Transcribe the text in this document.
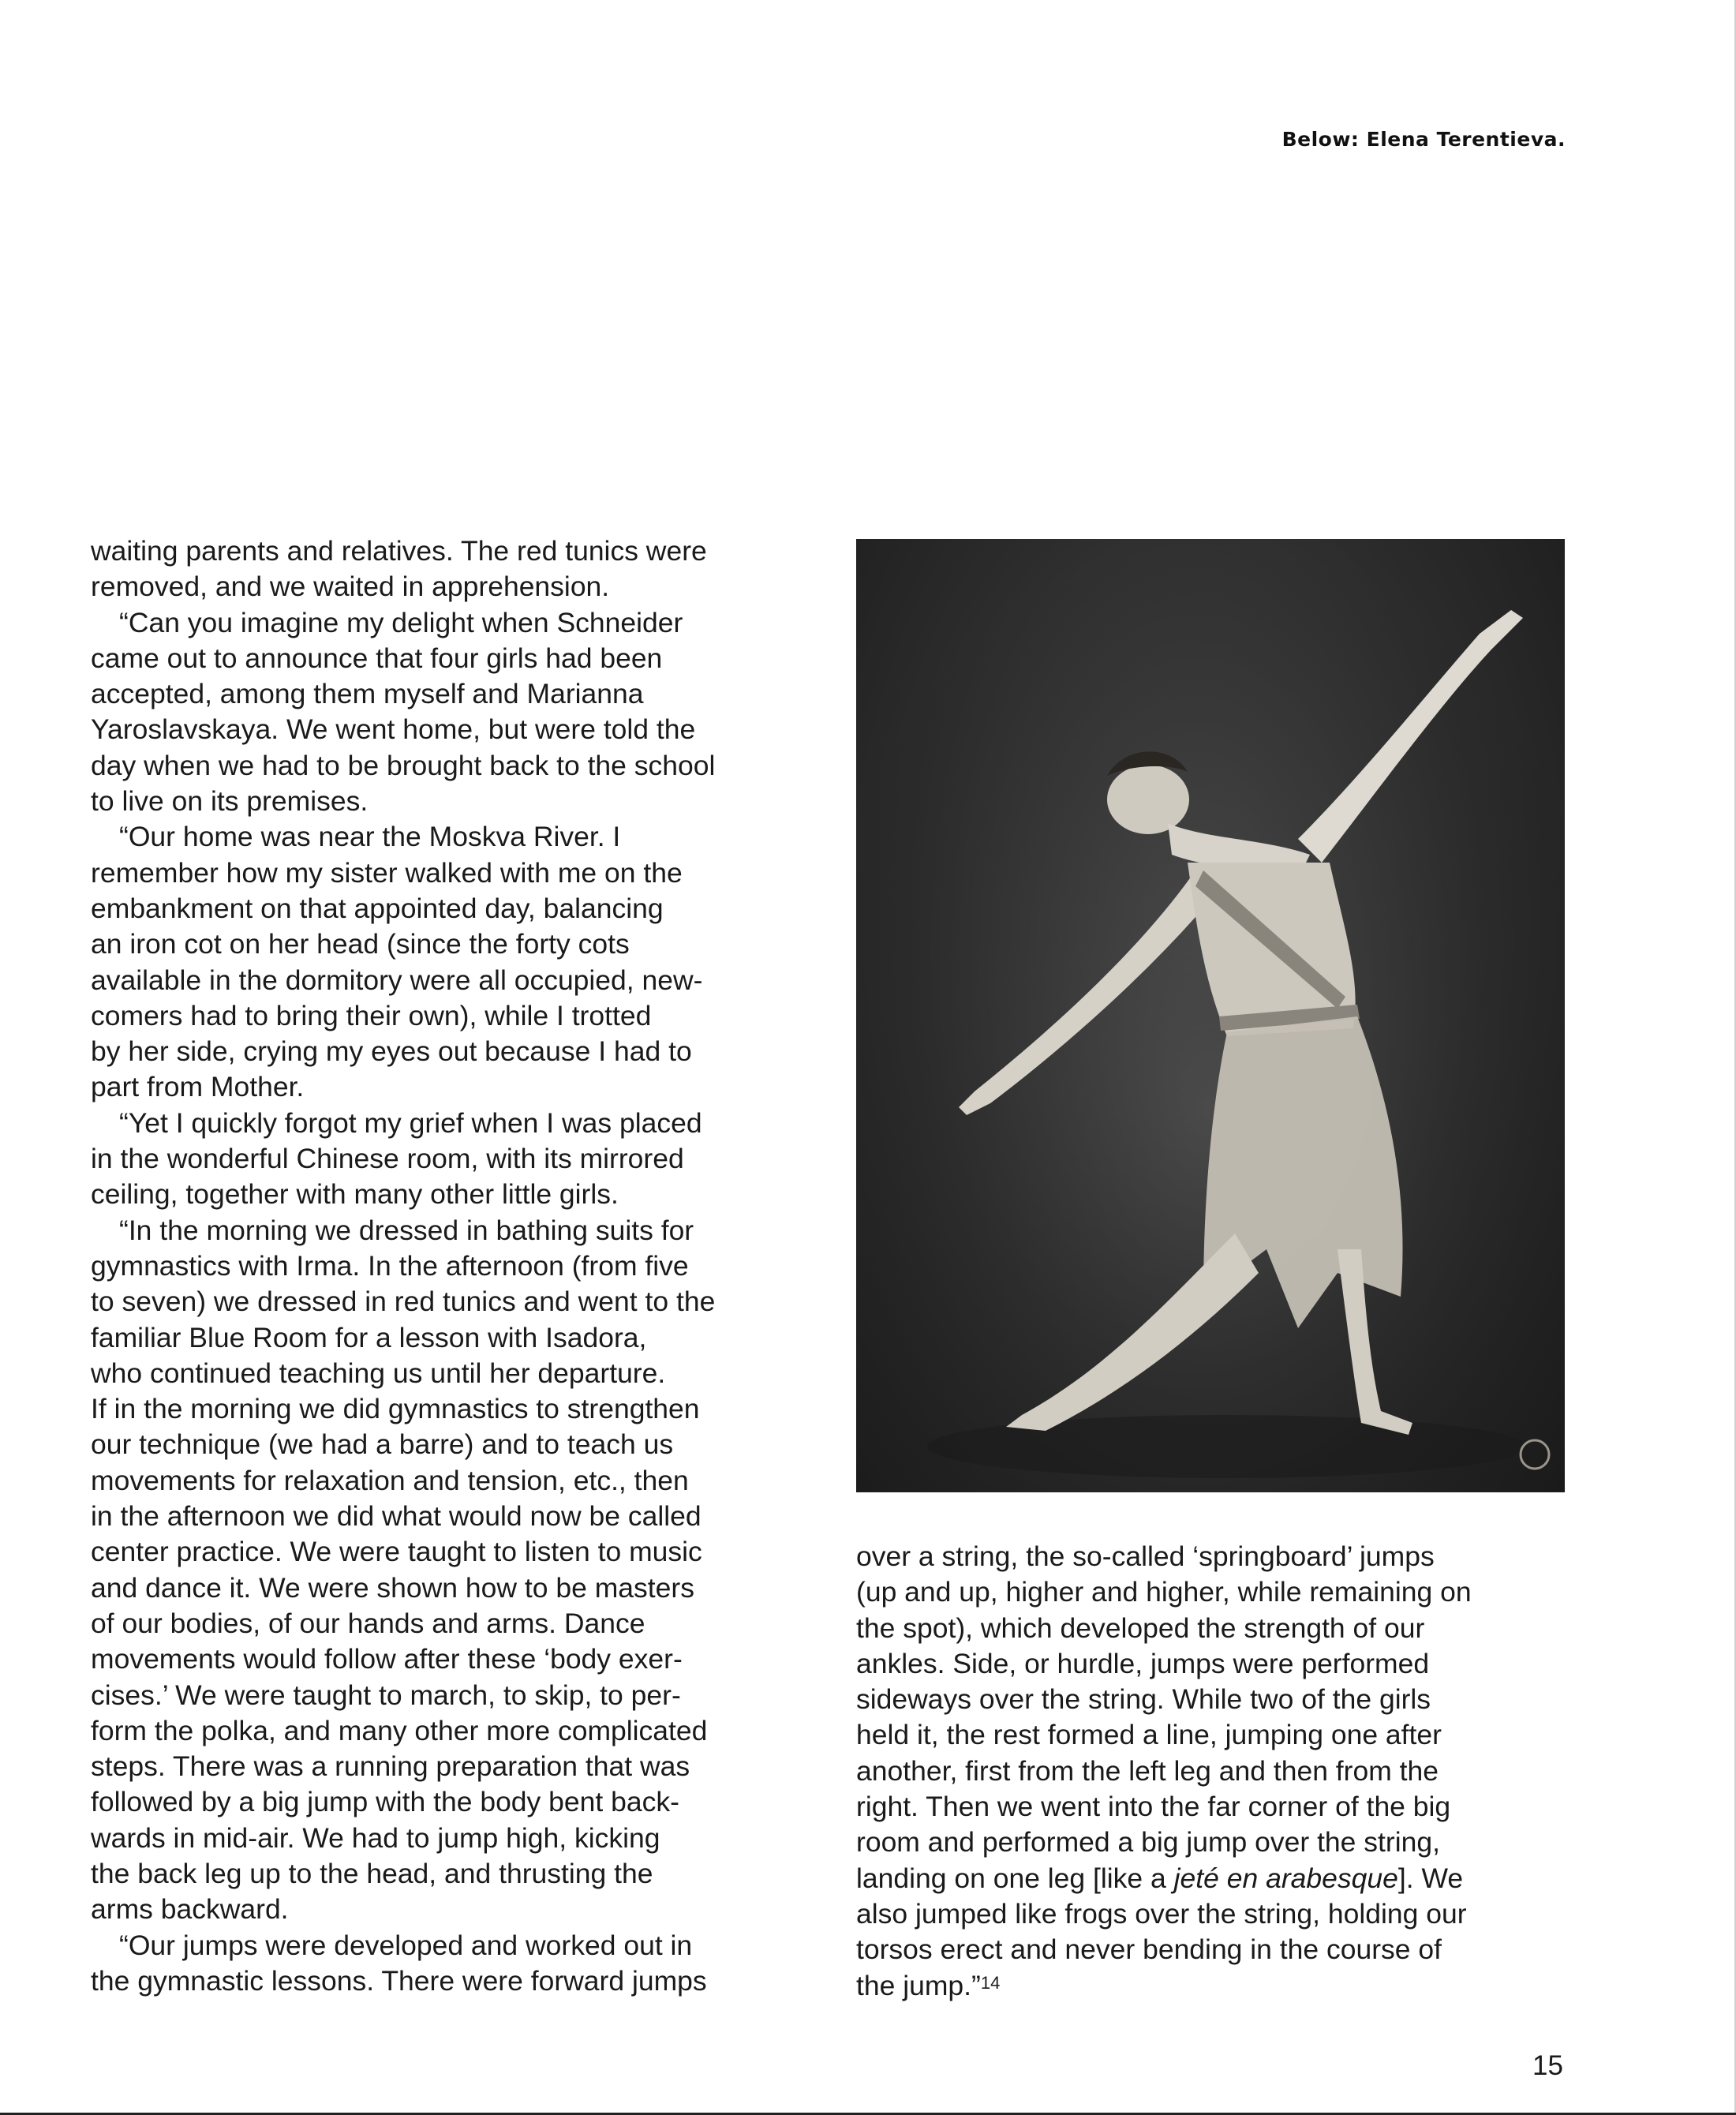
Below: Elena Terentieva.
waiting parents and relatives. The red tunics were
removed, and we waited in apprehension.
“Can you imagine my delight when Schneider
came out to announce that four girls had been
accepted, among them myself and Marianna
Yaroslavskaya. We went home, but were told the
day when we had to be brought back to the school
to live on its premises.
“Our home was near the Moskva River. I
remember how my sister walked with me on the
embankment on that appointed day, balancing
an iron cot on her head (since the forty cots
available in the dormitory were all occupied, new-
comers had to bring their own), while I trotted
by her side, crying my eyes out because I had to
part from Mother.
“Yet I quickly forgot my grief when I was placed
in the wonderful Chinese room, with its mirrored
ceiling, together with many other little girls.
“In the morning we dressed in bathing suits for
gymnastics with Irma. In the afternoon (from five
to seven) we dressed in red tunics and went to the
familiar Blue Room for a lesson with Isadora,
who continued teaching us until her departure.
If in the morning we did gymnastics to strengthen
our technique (we had a barre) and to teach us
movements for relaxation and tension, etc., then
in the afternoon we did what would now be called
center practice. We were taught to listen to music
and dance it. We were shown how to be masters
of our bodies, of our hands and arms. Dance
movements would follow after these ‘body exer-
cises.’ We were taught to march, to skip, to per-
form the polka, and many other more complicated
steps. There was a running preparation that was
followed by a big jump with the body bent back-
wards in mid-air. We had to jump high, kicking
the back leg up to the head, and thrusting the
arms backward.
“Our jumps were developed and worked out in
the gymnastic lessons. There were forward jumps
over a string, the so-called ‘springboard’ jumps
(up and up, higher and higher, while remaining on
the spot), which developed the strength of our
ankles. Side, or hurdle, jumps were performed
sideways over the string. While two of the girls
held it, the rest formed a line, jumping one after
another, first from the left leg and then from the
right. Then we went into the far corner of the big
room and performed a big jump over the string,
landing on one leg [like a jeté en arabesque]. We
also jumped like frogs over the string, holding our
torsos erect and never bending in the course of
the jump.”$^{14}$
15
